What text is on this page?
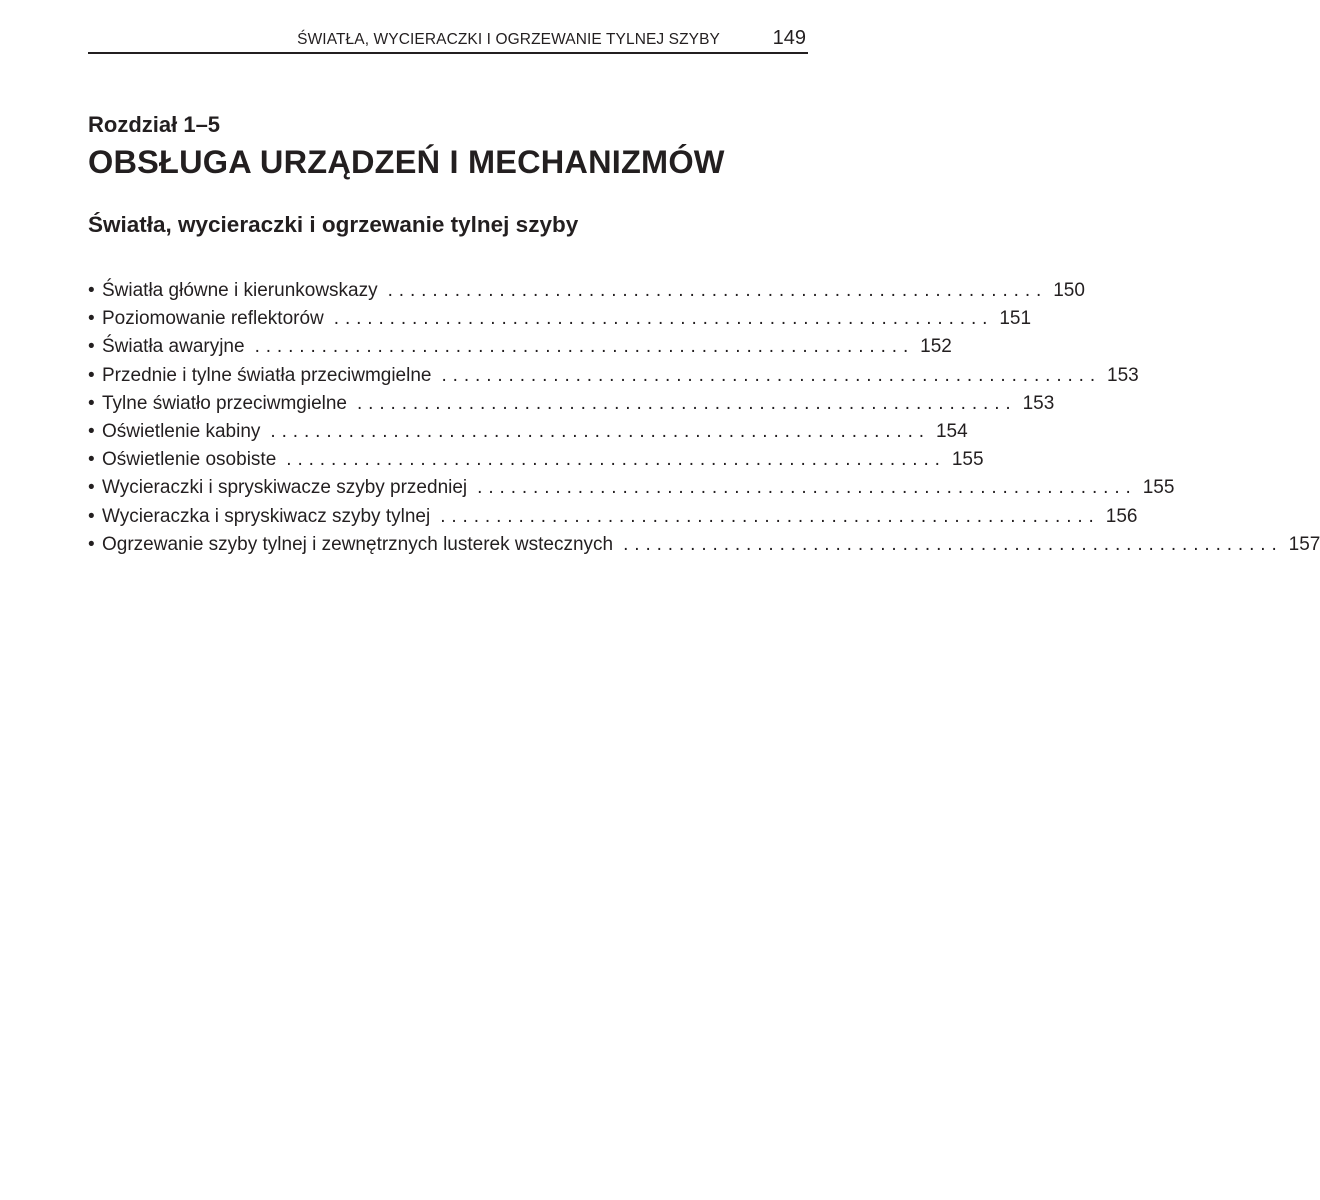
ŚWIATŁA, WYCIERACZKI I OGRZEWANIE TYLNEJ SZYBY	149
Rozdział 1–5
OBSŁUGA URZĄDZEŃ I MECHANIZMÓW
Światła, wycieraczki i ogrzewanie tylnej szyby
• Światła główne i kierunkowskazy ........................................................... 150
• Poziomowanie reflektorów ........................................................... 151
• Światła awaryjne ........................................................... 152
• Przednie i tylne światła przeciwmgielne ........................................................... 153
• Tylne światło przeciwmgielne ........................................................... 153
• Oświetlenie kabiny ........................................................... 154
• Oświetlenie osobiste ........................................................... 155
• Wycieraczki i spryskiwacze szyby przedniej ........................................................... 155
• Wycieraczka i spryskiwacz szyby tylnej ........................................................... 156
• Ogrzewanie szyby tylnej i zewnętrznych lusterek wstecznych ........................................................... 157
